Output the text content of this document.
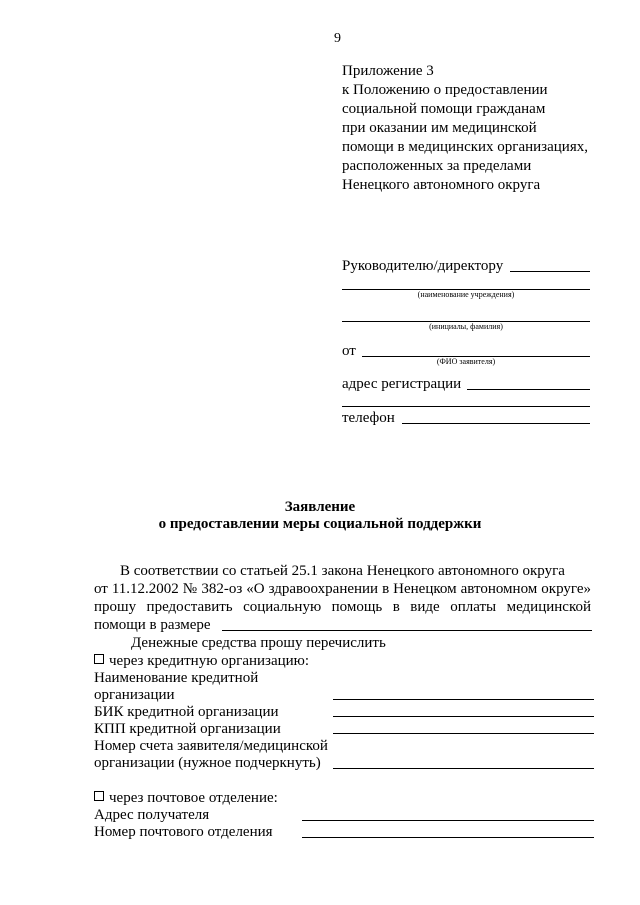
9
Приложение 3
к Положению о предоставлении
социальной помощи гражданам
при оказании им медицинской
помощи в медицинских организациях,
расположенных за пределами
Ненецкого автономного округа
Руководителю/директору
(наименование учреждения)
(инициалы, фамилия)
от
(ФИО заявителя)
адрес регистрации
телефон
Заявление
о предоставлении меры социальной поддержки
В соответствии со статьей 25.1 закона Ненецкого автономного округа
от 11.12.2002 № 382-оз «О здравоохранении в Ненецком автономном округе»
прошу предоставить социальную помощь в виде оплаты медицинской
помощи в размере
Денежные средства прошу перечислить
через кредитную организацию:
Наименование кредитной
организации
БИК кредитной организации
КПП кредитной организации
Номер счета заявителя/медицинской
организации (нужное подчеркнуть)
через почтовое отделение:
Адрес получателя
Номер почтового отделения
